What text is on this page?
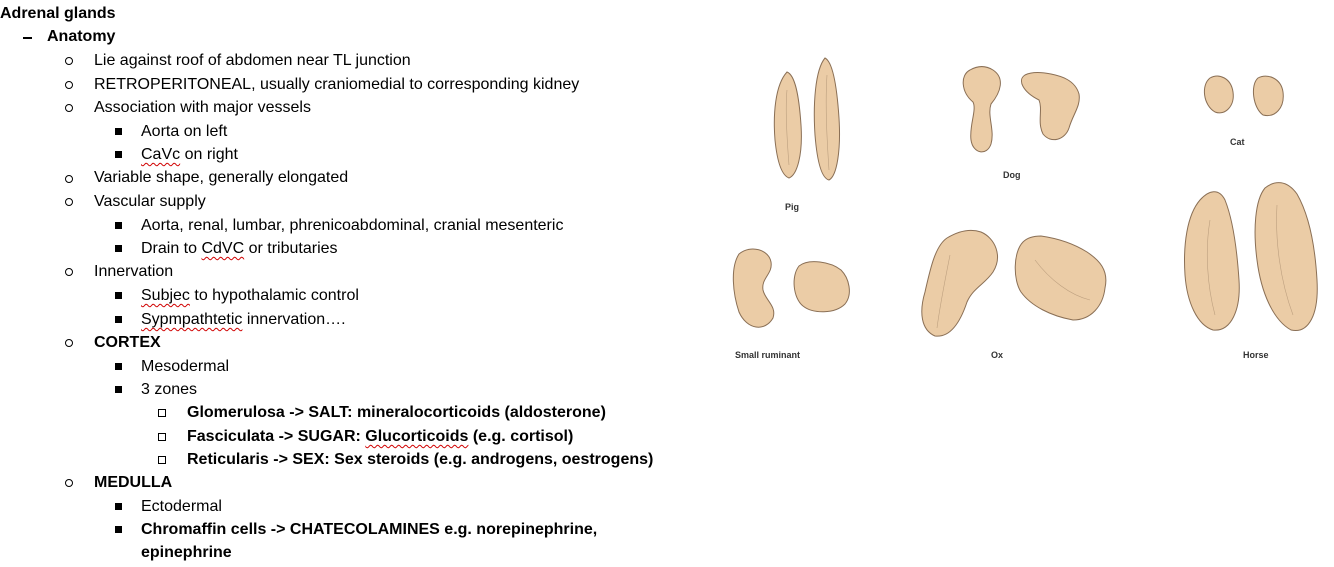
Adrenal glands
Anatomy
Lie against roof of abdomen near TL junction
RETROPERITONEAL, usually craniomedial to corresponding kidney
Association with major vessels
Aorta on left
CaVc on right
Variable shape, generally elongated
Vascular supply
Aorta, renal, lumbar, phrenicoabdominal, cranial mesenteric
Drain to CdVC or tributaries
Innervation
Subjec to hypothalamic control
Sypmpathtetic innervation….
CORTEX
Mesodermal
3 zones
Glomerulosa -> SALT: mineralocorticoids (aldosterone)
Fasciculata -> SUGAR: Glucorticoids (e.g. cortisol)
Reticularis -> SEX: Sex steroids (e.g. androgens, oestrogens)
MEDULLA
Ectodermal
Chromaffin cells -> CHATECOLAMINES e.g. norepinephrine,
epinephrine
Pig
Dog
Cat
Small ruminant	Ox	Horse
